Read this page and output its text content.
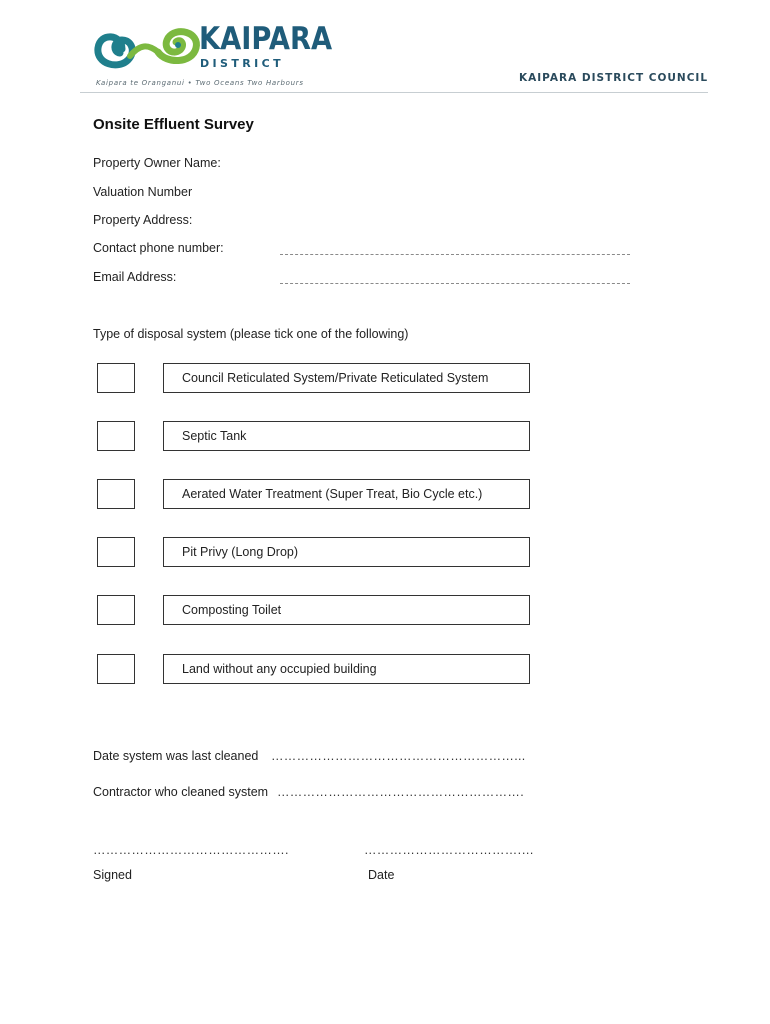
KAIPARA
DISTRICT
Kaipara te Oranganui • Two Oceans Two Harbours	KAIPARA DISTRICT COUNCIL
Onsite Effluent Survey
Property Owner Name:
Valuation Number
Property Address:
Contact phone number:
Email Address:
Type of disposal system (please tick one of the following)
Council Reticulated System/Private Reticulated System
Septic Tank
Aerated Water Treatment (Super Treat, Bio Cycle etc.)
Pit Privy (Long Drop)
Composting Toilet
Land without any occupied building
Date system was last cleaned …………………………………………………...
Contractor who cleaned system ………………………………………………….
……………………………………….	……………………………….…
Signed	Date
